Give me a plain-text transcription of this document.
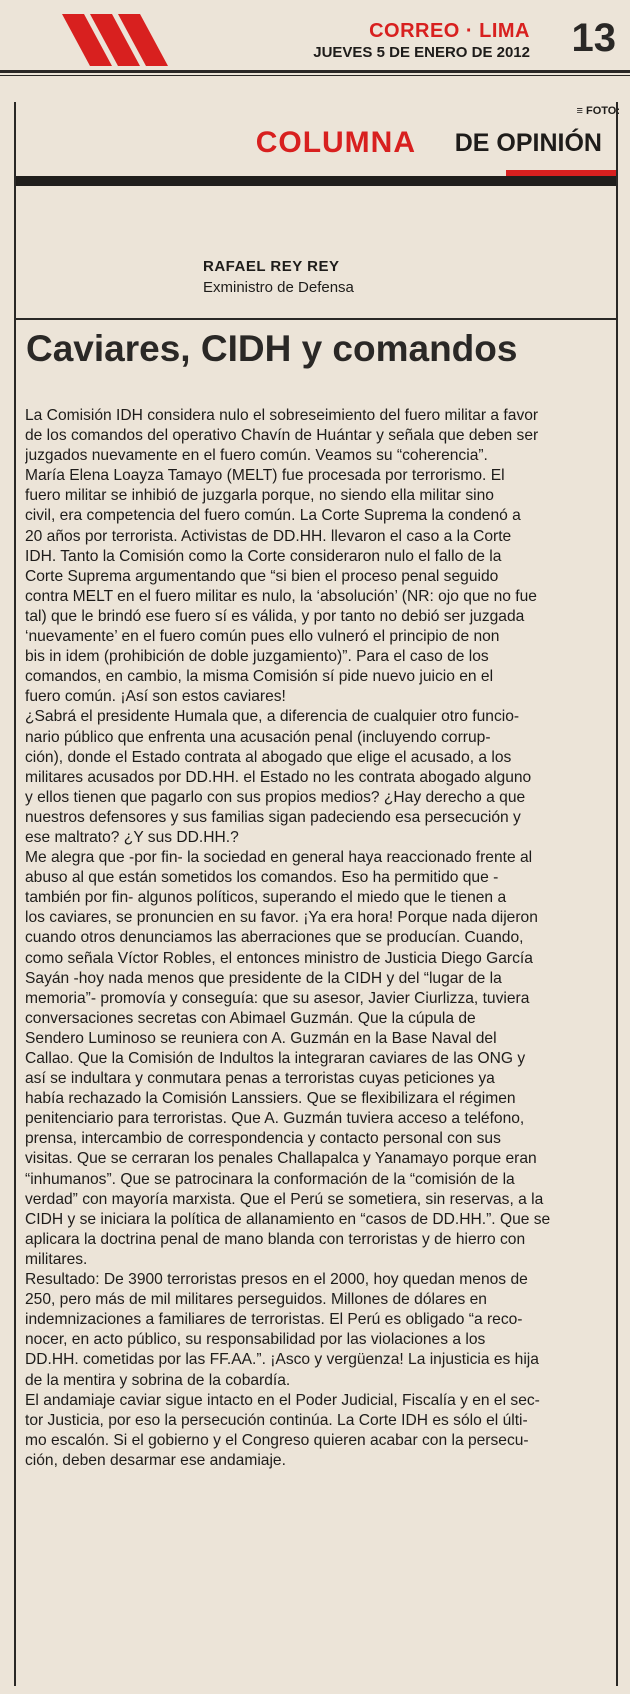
CORREO · LIMA
JUEVES 5 DE ENERO DE 2012 13
≡ FOTO:
COLUMNA DE OPINIÓN
RAFAEL REY REY
Exministro de Defensa
Caviares, CIDH y comandos
La Comisión IDH considera nulo el sobreseimiento del fuero militar a favor
de los comandos del operativo Chavín de Huántar y señala que deben ser
juzgados nuevamente en el fuero común. Veamos su “coherencia”.
María Elena Loayza Tamayo (MELT) fue procesada por terrorismo. El
fuero militar se inhibió de juzgarla porque, no siendo ella militar sino
civil, era competencia del fuero común. La Corte Suprema la condenó a
20 años por terrorista. Activistas de DD.HH. llevaron el caso a la Corte
IDH. Tanto la Comisión como la Corte consideraron nulo el fallo de la
Corte Suprema argumentando que “si bien el proceso penal seguido
contra MELT en el fuero militar es nulo, la ‘absolución’ (NR: ojo que no fue
tal) que le brindó ese fuero sí es válida, y por tanto no debió ser juzgada
‘nuevamente’ en el fuero común pues ello vulneró el principio de non
bis in idem (prohibición de doble juzgamiento)”. Para el caso de los
comandos, en cambio, la misma Comisión sí pide nuevo juicio en el
fuero común. ¡Así son estos caviares!
¿Sabrá el presidente Humala que, a diferencia de cualquier otro funcio-
nario público que enfrenta una acusación penal (incluyendo corrup-
ción), donde el Estado contrata al abogado que elige el acusado, a los
militares acusados por DD.HH. el Estado no les contrata abogado alguno
y ellos tienen que pagarlo con sus propios medios? ¿Hay derecho a que
nuestros defensores y sus familias sigan padeciendo esa persecución y
ese maltrato? ¿Y sus DD.HH.?
Me alegra que -por fin- la sociedad en general haya reaccionado frente al
abuso al que están sometidos los comandos. Eso ha permitido que -
también por fin- algunos políticos, superando el miedo que le tienen a
los caviares, se pronuncien en su favor. ¡Ya era hora! Porque nada dijeron
cuando otros denunciamos las aberraciones que se producían. Cuando,
como señala Víctor Robles, el entonces ministro de Justicia Diego García
Sayán -hoy nada menos que presidente de la CIDH y del “lugar de la
memoria”- promovía y conseguía: que su asesor, Javier Ciurlizza, tuviera
conversaciones secretas con Abimael Guzmán. Que la cúpula de
Sendero Luminoso se reuniera con A. Guzmán en la Base Naval del
Callao. Que la Comisión de Indultos la integraran caviares de las ONG y
así se indultara y conmutara penas a terroristas cuyas peticiones ya
había rechazado la Comisión Lanssiers. Que se flexibilizara el régimen
penitenciario para terroristas. Que A. Guzmán tuviera acceso a teléfono,
prensa, intercambio de correspondencia y contacto personal con sus
visitas. Que se cerraran los penales Challapalca y Yanamayo porque eran
“inhumanos”. Que se patrocinara la conformación de la “comisión de la
verdad” con mayoría marxista. Que el Perú se sometiera, sin reservas, a la
CIDH y se iniciara la política de allanamiento en “casos de DD.HH.”. Que se
aplicara la doctrina penal de mano blanda con terroristas y de hierro con
militares.
Resultado: De 3900 terroristas presos en el 2000, hoy quedan menos de
250, pero más de mil militares perseguidos. Millones de dólares en
indemnizaciones a familiares de terroristas. El Perú es obligado “a reco-
nocer, en acto público, su responsabilidad por las violaciones a los
DD.HH. cometidas por las FF.AA.”. ¡Asco y vergüenza! La injusticia es hija
de la mentira y sobrina de la cobardía.
El andamiaje caviar sigue intacto en el Poder Judicial, Fiscalía y en el sec-
tor Justicia, por eso la persecución continúa. La Corte IDH es sólo el últi-
mo escalón. Si el gobierno y el Congreso quieren acabar con la persecu-
ción, deben desarmar ese andamiaje.
